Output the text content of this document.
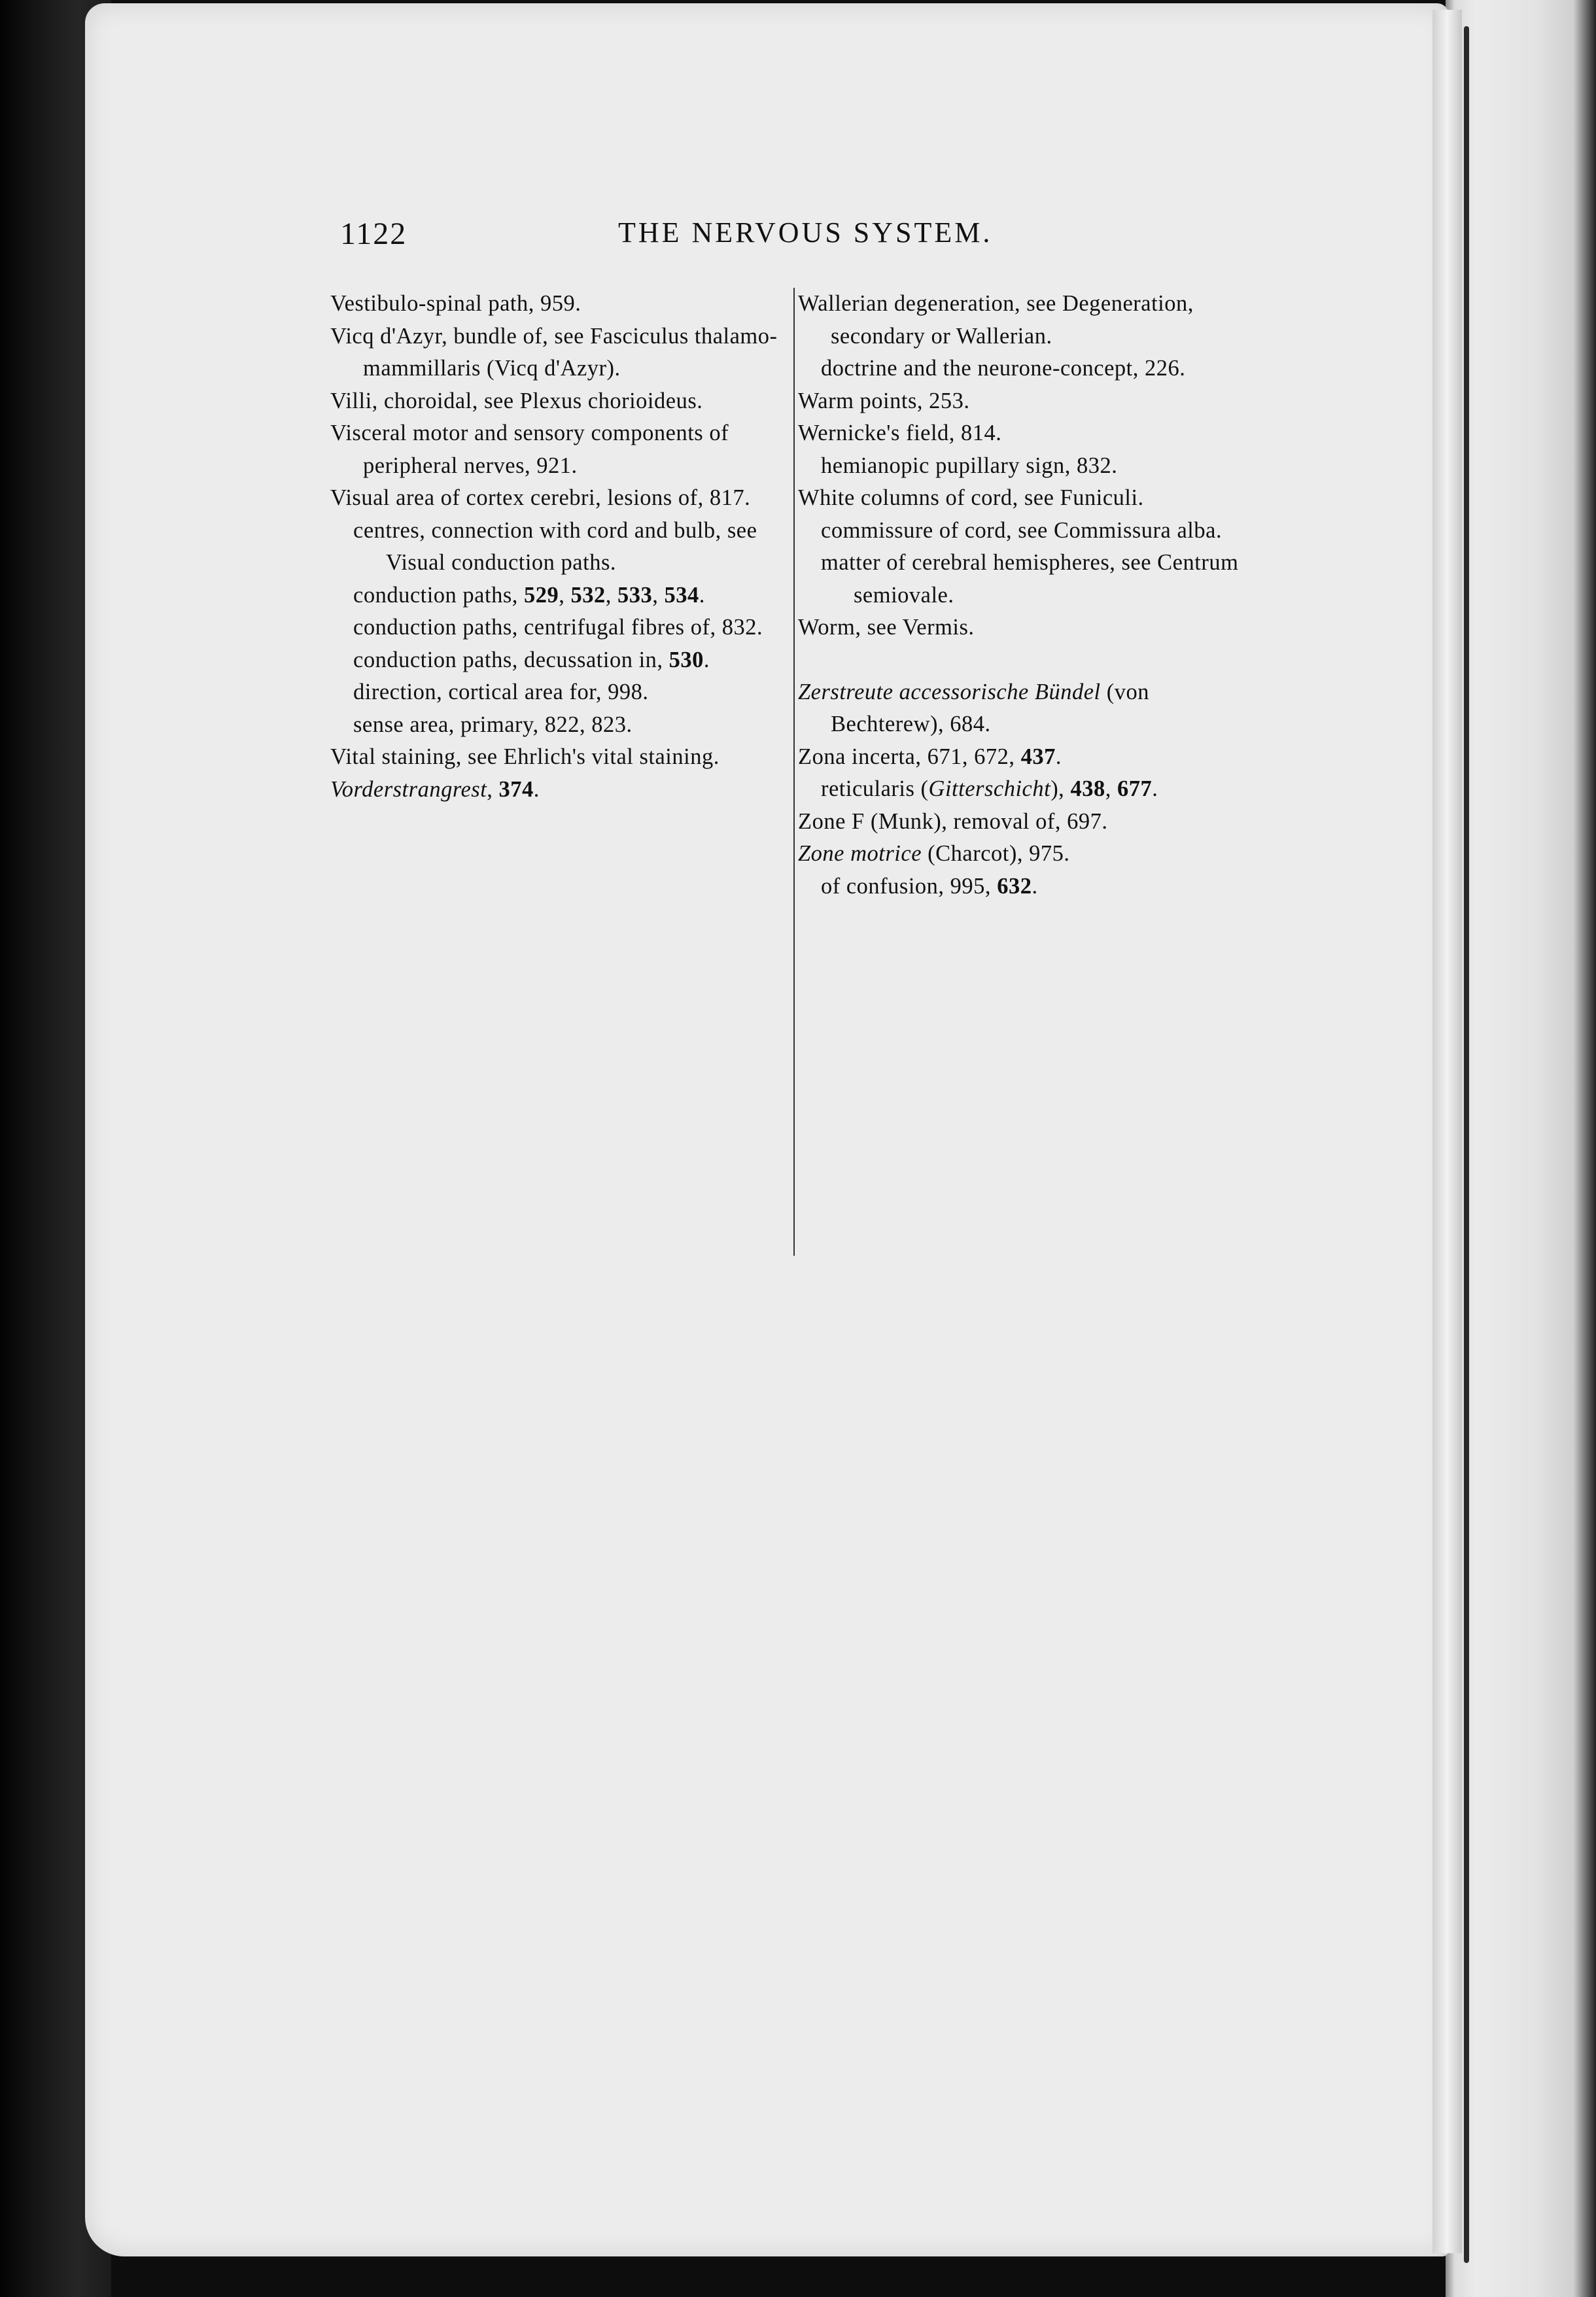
1122	THE NERVOUS SYSTEM.

Vestibulo-spinal path, 959.

Vicq d'Azyr, bundle of, see Fasciculus thalamo-mammillaris (Vicq d'Azyr).

Villi, choroidal, see Plexus chorioideus.

Visceral motor and sensory components of peripheral nerves, 921.

Visual area of cortex cerebri, lesions of, 817.

centres, connection with cord and bulb, see Visual conduction paths.

conduction paths, 529, 532, 533, 534.

conduction paths, centrifugal fibres of, 832.

conduction paths, decussation in, 530.

direction, cortical area for, 998.

sense area, primary, 822, 823.

Vital staining, see Ehrlich's vital staining.

Vorderstrangrest, 374.

Wallerian degeneration, see Degeneration, secondary or Wallerian.

doctrine and the neurone-concept, 226.

Warm points, 253.

Wernicke's field, 814.

hemianopic pupillary sign, 832.

White columns of cord, see Funiculi.

commissure of cord, see Commissura alba.

matter of cerebral hemispheres, see Centrum semiovale.

Worm, see Vermis.

Zerstreute accessorische Bündel (von Bechterew), 684.

Zona incerta, 671, 672, 437.

reticularis (Gitterschicht), 438, 677.

Zone F (Munk), removal of, 697.

Zone motrice (Charcot), 975.

of confusion, 995, 632.
